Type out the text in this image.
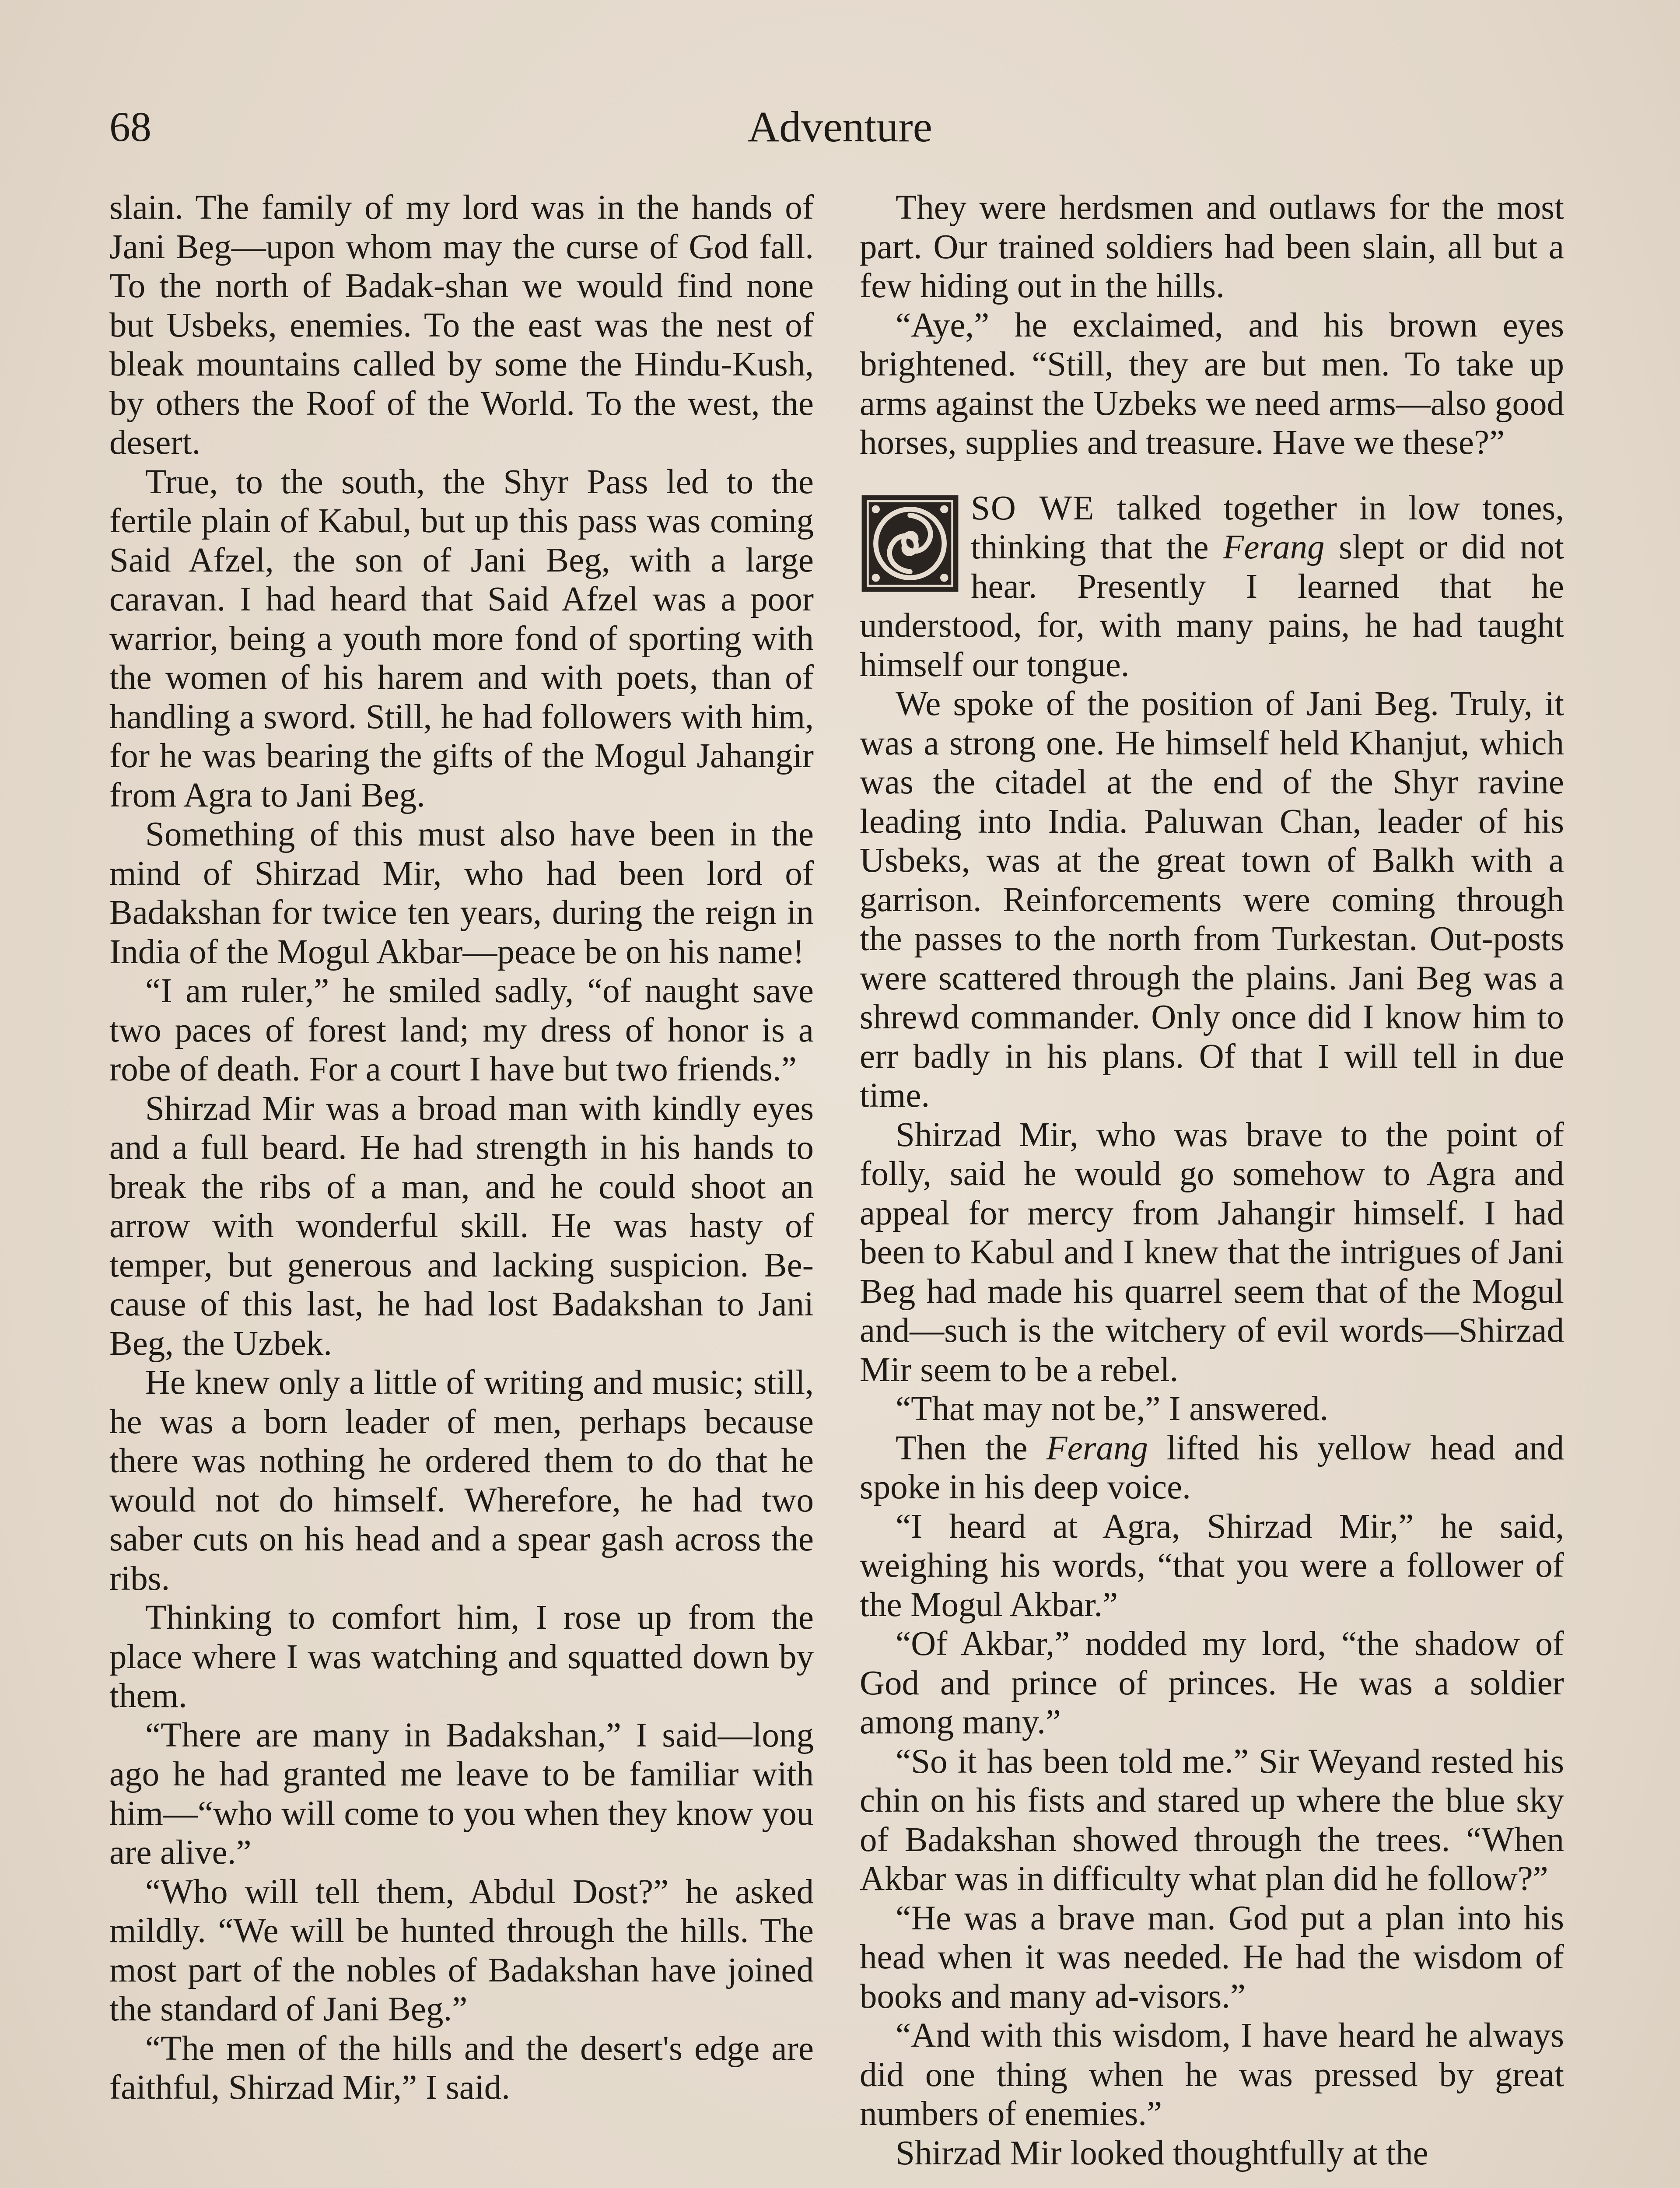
68	Adventure

slain. The family of my lord was in the hands of Jani Beg—upon whom may the curse of God fall. To the north of Badak-shan we would find none but Usbeks, enemies. To the east was the nest of bleak mountains called by some the Hindu-Kush, by others the Roof of the World. To the west, the desert.

True, to the south, the Shyr Pass led to the fertile plain of Kabul, but up this pass was coming Said Afzel, the son of Jani Beg, with a large caravan. I had heard that Said Afzel was a poor warrior, being a youth more fond of sporting with the women of his harem and with poets, than of handling a sword. Still, he had followers with him, for he was bearing the gifts of the Mogul Jahangir from Agra to Jani Beg.

Something of this must also have been in the mind of Shirzad Mir, who had been lord of Badakshan for twice ten years, during the reign in India of the Mogul Akbar—peace be on his name!

“I am ruler,” he smiled sadly, “of naught save two paces of forest land; my dress of honor is a robe of death. For a court I have but two friends.”

Shirzad Mir was a broad man with kindly eyes and a full beard. He had strength in his hands to break the ribs of a man, and he could shoot an arrow with wonderful skill. He was hasty of temper, but generous and lacking suspicion. Be-cause of this last, he had lost Badakshan to Jani Beg, the Uzbek.

He knew only a little of writing and music; still, he was a born leader of men, perhaps because there was nothing he ordered them to do that he would not do himself. Wherefore, he had two saber cuts on his head and a spear gash across the ribs.

Thinking to comfort him, I rose up from the place where I was watching and squatted down by them.

“There are many in Badakshan,” I said—long ago he had granted me leave to be familiar with him—“who will come to you when they know you are alive.”

“Who will tell them, Abdul Dost?” he asked mildly. “We will be hunted through the hills. The most part of the nobles of Badakshan have joined the standard of Jani Beg.”

“The men of the hills and the desert's edge are faithful, Shirzad Mir,” I said.

They were herdsmen and outlaws for the most part. Our trained soldiers had been slain, all but a few hiding out in the hills.

“Aye,” he exclaimed, and his brown eyes brightened. “Still, they are but men. To take up arms against the Uzbeks we need arms—also good horses, supplies and treasure. Have we these?”

SO WE talked together in low tones, thinking that the Ferang slept or did not hear. Presently I learned that he understood, for, with many pains, he had taught himself our tongue.

We spoke of the position of Jani Beg. Truly, it was a strong one. He himself held Khanjut, which was the citadel at the end of the Shyr ravine leading into India. Paluwan Chan, leader of his Usbeks, was at the great town of Balkh with a garrison. Reinforcements were coming through the passes to the north from Turkestan. Out-posts were scattered through the plains. Jani Beg was a shrewd commander. Only once did I know him to err badly in his plans. Of that I will tell in due time.

Shirzad Mir, who was brave to the point of folly, said he would go somehow to Agra and appeal for mercy from Jahangir himself. I had been to Kabul and I knew that the intrigues of Jani Beg had made his quarrel seem that of the Mogul and—such is the witchery of evil words—Shirzad Mir seem to be a rebel.

“That may not be,” I answered.

Then the Ferang lifted his yellow head and spoke in his deep voice.

“I heard at Agra, Shirzad Mir,” he said, weighing his words, “that you were a follower of the Mogul Akbar.”

“Of Akbar,” nodded my lord, “the shadow of God and prince of princes. He was a soldier among many.”

“So it has been told me.” Sir Weyand rested his chin on his fists and stared up where the blue sky of Badakshan showed through the trees. “When Akbar was in difficulty what plan did he follow?”

“He was a brave man. God put a plan into his head when it was needed. He had the wisdom of books and many ad-visors.”

“And with this wisdom, I have heard he always did one thing when he was pressed by great numbers of enemies.”

Shirzad Mir looked thoughtfully at the
